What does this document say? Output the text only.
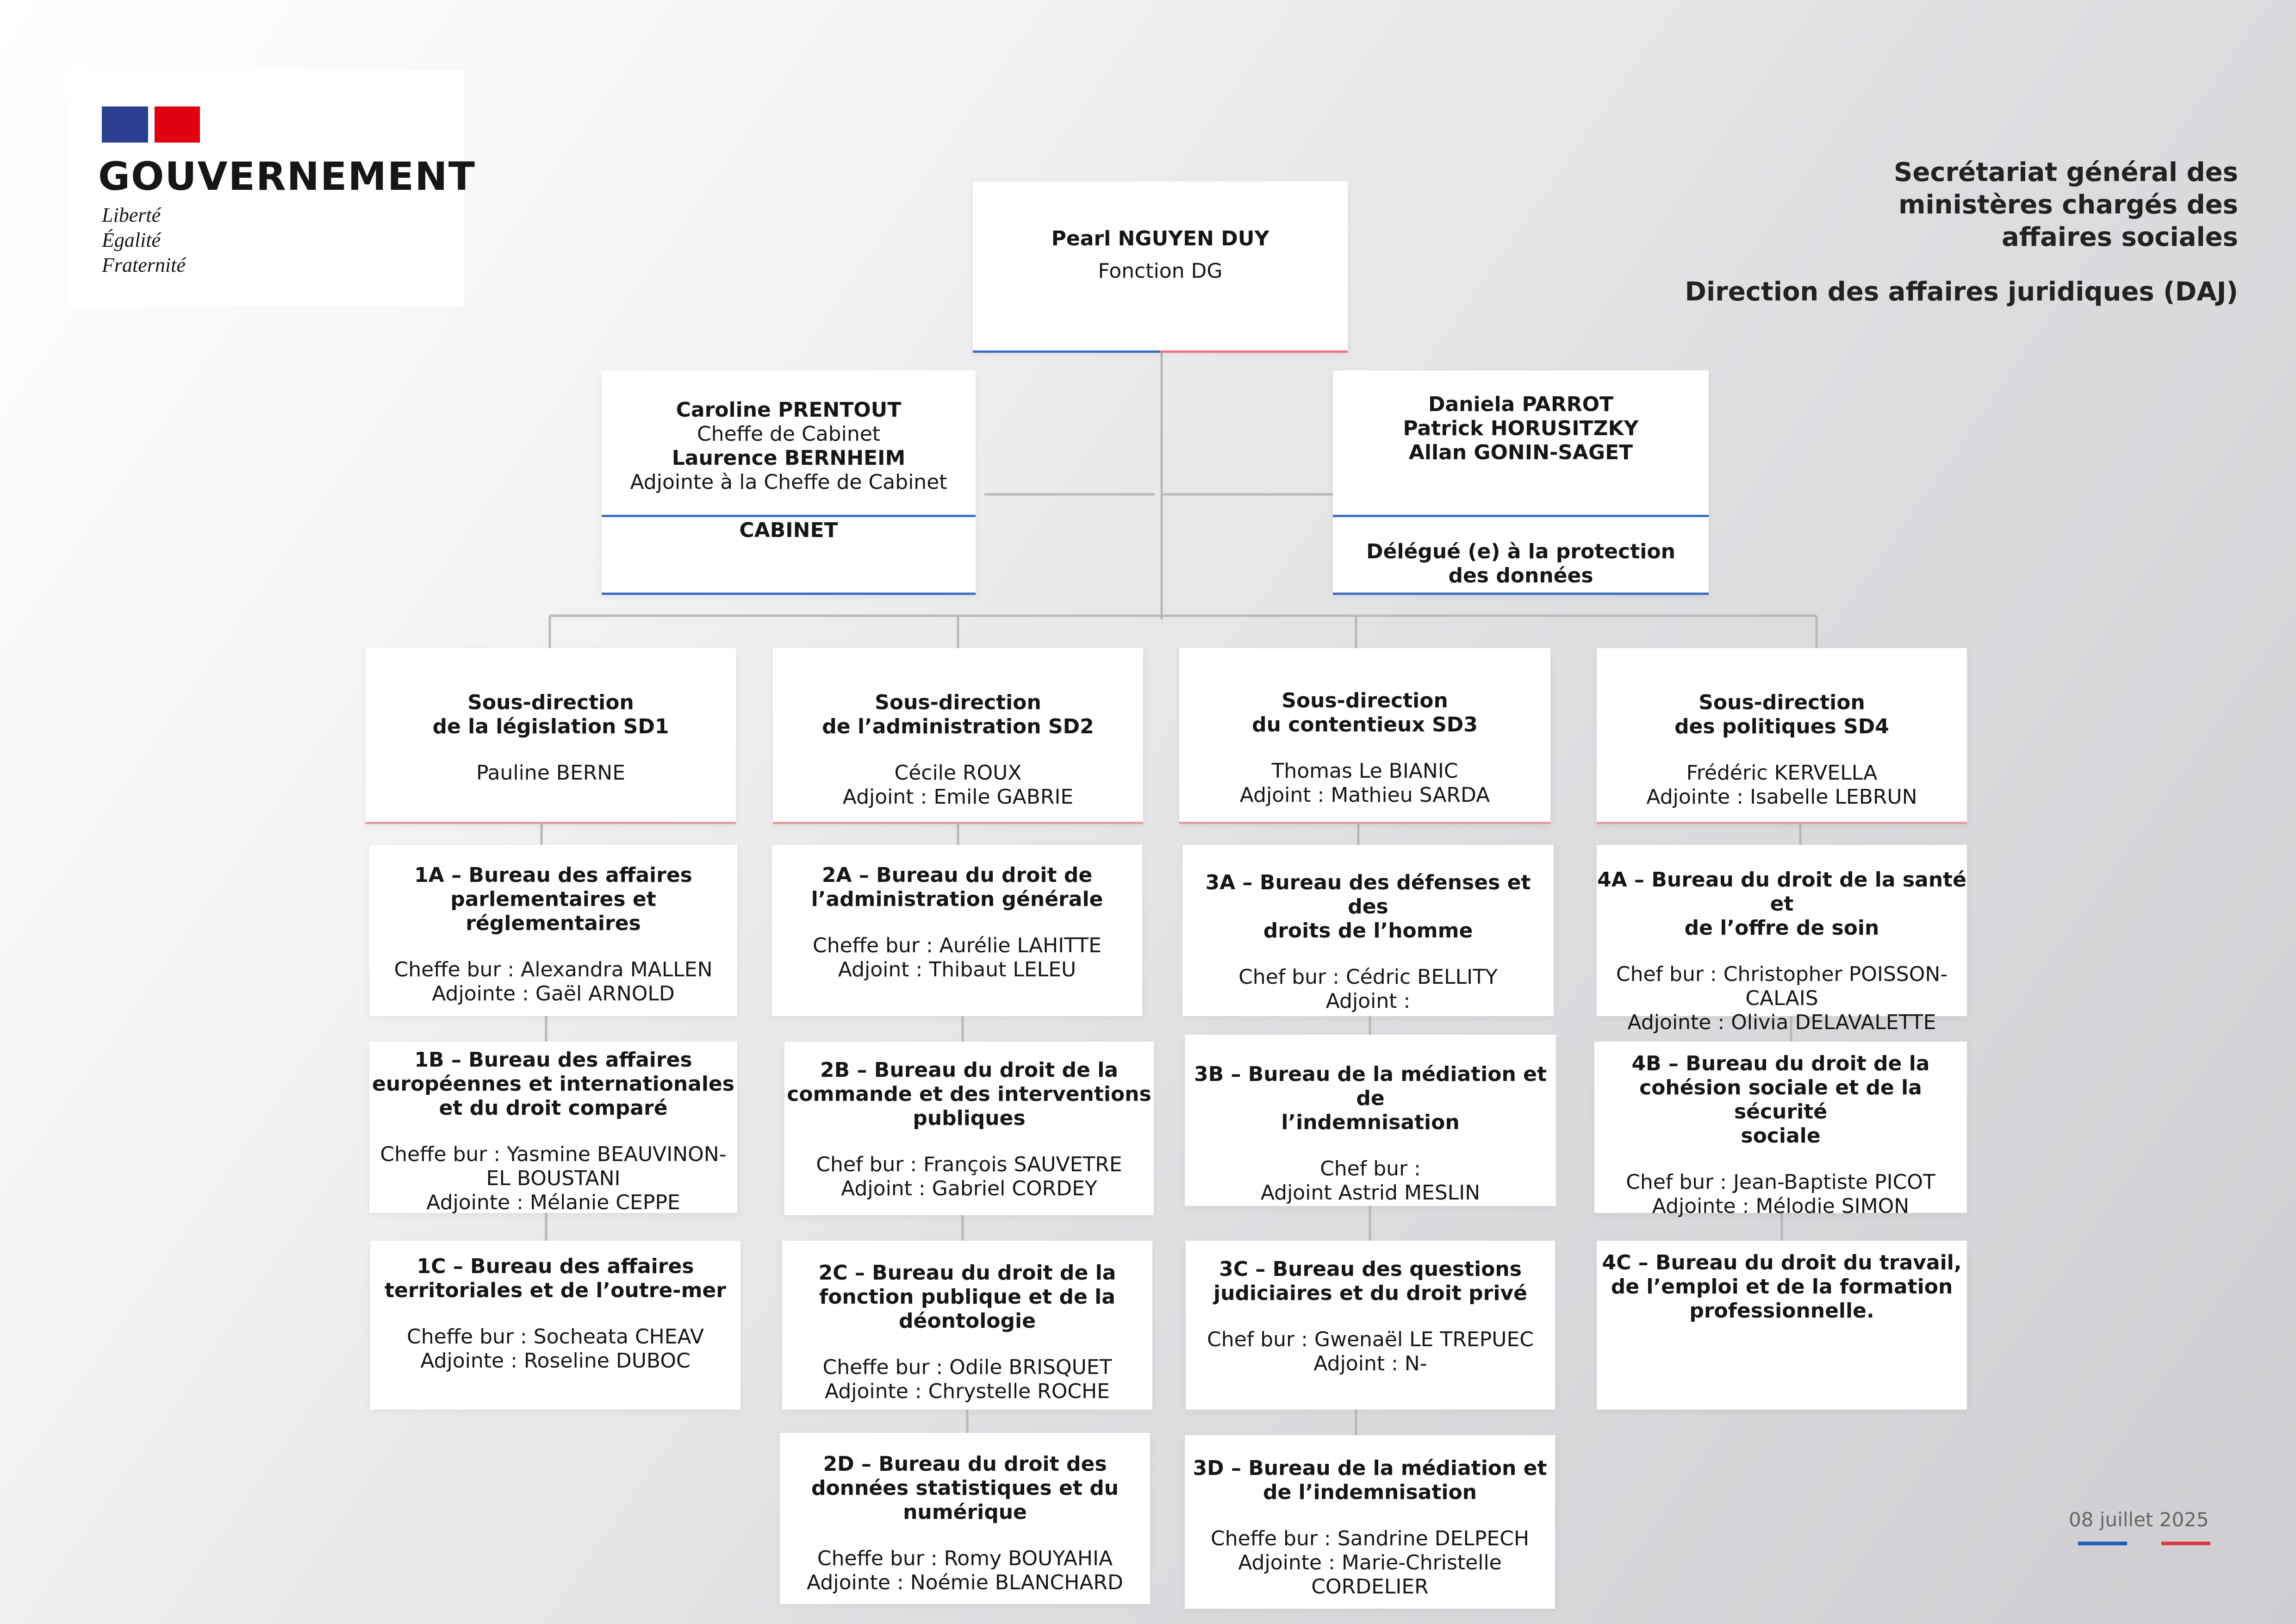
GOUVERNEMENT
Liberté
Égalité
Fraternité
Secrétariat général des
ministères chargés des
affaires sociales
Direction des affaires juridiques (DAJ)
Pearl NGUYEN DUY
Fonction DG
Caroline PRENTOUT
Cheffe de Cabinet
Laurence BERNHEIM
Adjointe à la Cheffe de Cabinet
CABINET
Daniela PARROT
Patrick HORUSITZKY
Allan GONIN-SAGET
Délégué (e) à la protection
des données
Sous-direction
de la législation SD1
Pauline BERNE
Sous-direction
de l’administration SD2
Cécile ROUX
Adjoint : Emile GABRIE
Sous-direction
du contentieux SD3
Thomas Le BIANIC
Adjoint : Mathieu SARDA
Sous-direction
des politiques SD4
Frédéric KERVELLA
Adjointe : Isabelle LEBRUN
1A – Bureau des affaires
parlementaires et réglementaires
Cheffe bur : Alexandra MALLEN
Adjointe : Gaël ARNOLD
1B – Bureau des affaires
européennes et internationales
et du droit comparé
Cheffe bur : Yasmine BEAUVINON-
EL BOUSTANI
Adjointe : Mélanie CEPPE
1C – Bureau des affaires
territoriales et de l’outre-mer
Cheffe bur : Socheata CHEAV
Adjointe : Roseline DUBOC
2A – Bureau du droit de
l’administration générale
Cheffe bur : Aurélie LAHITTE
Adjoint : Thibaut LELEU
2B – Bureau du droit de la
commande et des interventions
publiques
Chef bur : François SAUVETRE
Adjoint : Gabriel CORDEY
2C – Bureau du droit de la
fonction publique et de la
déontologie
Cheffe bur : Odile BRISQUET
Adjointe : Chrystelle ROCHE
2D – Bureau du droit des
données statistiques et du
numérique
Cheffe bur : Romy BOUYAHIA
Adjointe : Noémie BLANCHARD
3A – Bureau des défenses et des
droits de l’homme
Chef bur : Cédric BELLITY
Adjoint :
3B – Bureau de la médiation et de
l’indemnisation
Chef bur :
Adjoint Astrid MESLIN
3C – Bureau des questions
judiciaires et du droit privé
Chef bur : Gwenaël LE TREPUEC
Adjoint : N-
3D – Bureau de la médiation et
de l’indemnisation
Cheffe bur : Sandrine DELPECH
Adjointe : Marie-Christelle
CORDELIER
4A – Bureau du droit de la santé et
de l’offre de soin
Chef bur : Christopher POISSON-
CALAIS
Adjointe : Olivia DELAVALETTE
4B – Bureau du droit de la
cohésion sociale et de la sécurité
sociale
Chef bur : Jean-Baptiste PICOT
Adjointe : Mélodie SIMON
4C – Bureau du droit du travail,
de l’emploi et de la formation
professionnelle.
08 juillet 2025
